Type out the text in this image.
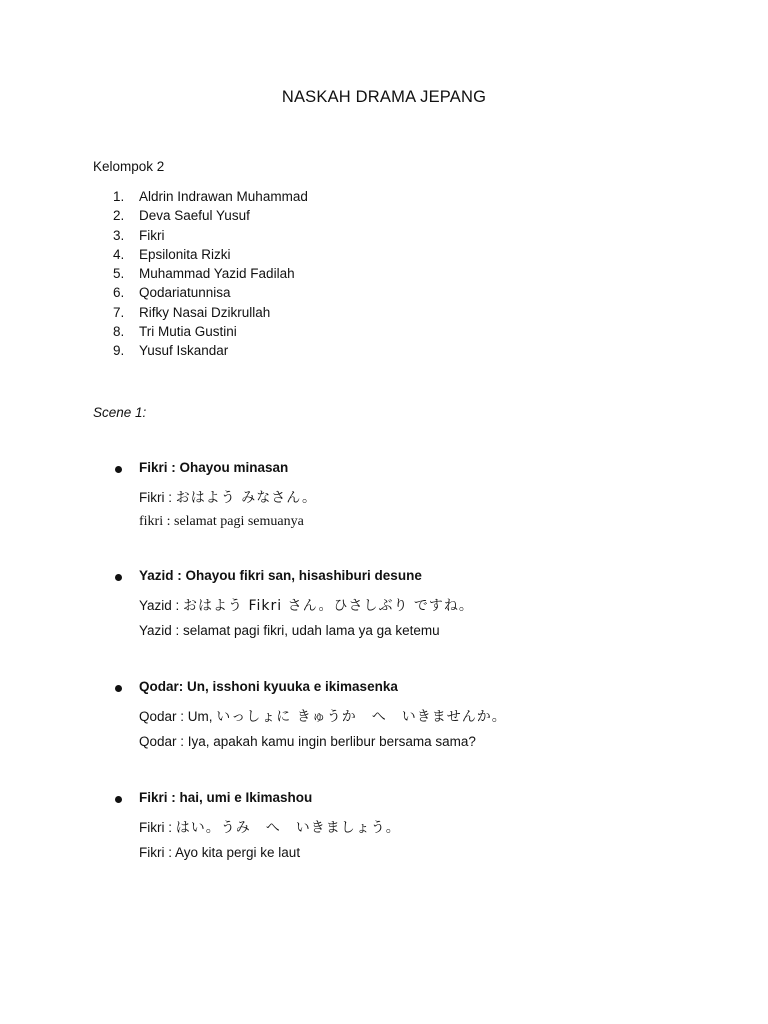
NASKAH DRAMA JEPANG
Kelompok 2
1. Aldrin Indrawan Muhammad
2. Deva Saeful Yusuf
3. Fikri
4. Epsilonita Rizki
5. Muhammad Yazid Fadilah
6. Qodariatunnisa
7. Rifky Nasai Dzikrullah
8. Tri Mutia Gustini
9. Yusuf Iskandar
Scene 1:
Fikri : Ohayou minasan
Fikri : おはよう みなさん。
fikri : selamat pagi semuanya
Yazid : Ohayou fikri san, hisashiburi desune
Yazid : おはよう Fikri さん。ひさしぶり ですね。
Yazid : selamat pagi fikri, udah lama ya ga ketemu
Qodar: Un, isshoni kyuuka e ikimasenka
Qodar : Um, いっしょに きゅうか　へ　いきませんか。
Qodar : Iya, apakah kamu ingin berlibur bersama sama?
Fikri : hai, umi e Ikimashou
Fikri : はい。うみ　へ　いきましょう。
Fikri : Ayo kita pergi ke laut
